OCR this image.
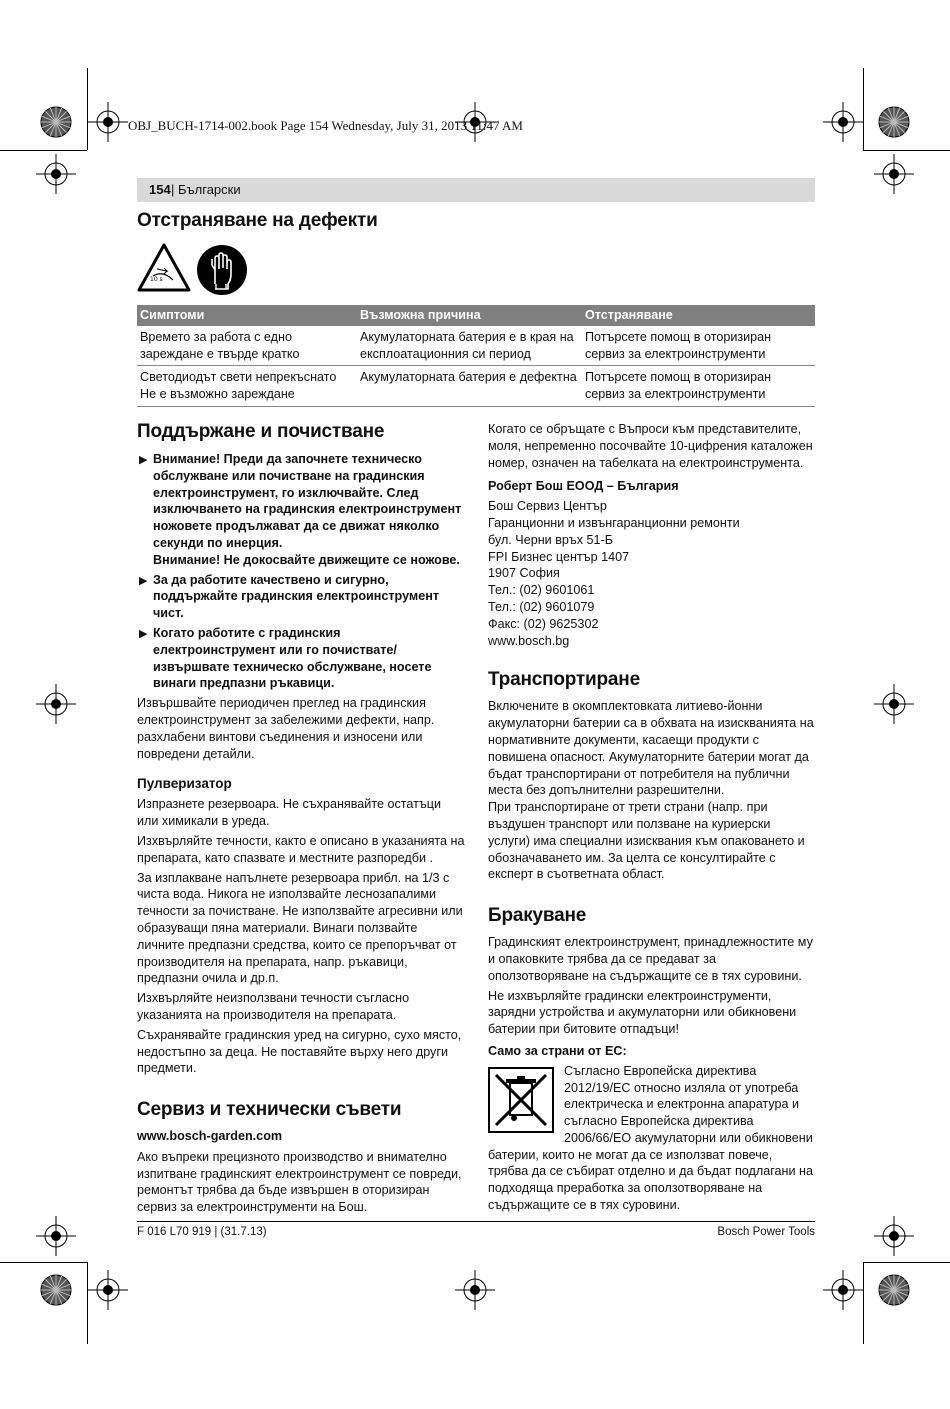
OBJ_BUCH-1714-002.book Page 154 Wednesday, July 31, 2013 11:47 AM
154 | Български
Отстраняване на дефекти
10 s
Симптоми	Възможна причина	Отстраняване
Времето за работа с едно зареждане е твърде кратко	Акумулаторната батерия е в края на експлоатационния си период	Потърсете помощ в оторизиран сервиз за електроинструменти

Светодиодът свети непрекъснато
Не е възможно зареждане	Акумулаторната батерия е дефектна	Потърсете помощ в оторизиран сервиз за електроинструменти
Поддържане и почистване
▶ Внимание! Преди да започнете техническо обслужване или почистване на градинския електроинструмент, го изключвайте. След изключването на градинския електроинструмент ножовете продължават да се движат няколко секунди по инерция.
Внимание! Не докосвайте движещите се ножове.
▶ За да работите качествено и сигурно, поддържайте градинския електроинструмент чист.
▶ Когато работите с градинския електроинструмент или го почиствате/извършвате техническо обслужване, носете винаги предпазни ръкавици.

Извършвайте периодичен преглед на градинския електроинструмент за забележими дефекти, напр. разхлабени винтови съединения и износени или повредени детайли.

Пулверизатор

Изпразнете резервоара. Не съхранявайте остатъци или химикали в уреда.

Изхвърляйте течности, както е описано в указанията на препарата, като спазвате и местните разпоредби .

За изплакване напълнете резервоара прибл. на 1/3 с чиста вода. Никога не използвайте леснозапалими течности за почистване. Не използвайте агресивни или образуващи пяна материали. Винаги ползвайте личните предпазни средства, които се препоръчват от производителя на препарата, напр. ръкавици, предпазни очила и др.п.

Изхвърляйте неизползвани течности съгласно указанията на производителя на препарата.

Съхранявайте градинския уред на сигурно, сухо място, недостъпно за деца. Не поставяйте върху него други предмети.

Сервиз и технически съвети

www.bosch-garden.com

Ако въпреки прецизното производство и внимателно изпитване градинският електроинструмент се повреди, ремонтът трябва да бъде извършен в оторизиран сервиз за електроинструменти на Бош.

Когато се обръщате с Въпроси към представителите, моля, непременно посочвайте 10-цифрения каталожен номер, означен на табелката на електроинструмента.

Роберт Бош ЕООД – България

Бош Сервиз Център

Гаранционни и извънгаранционни ремонти

бул. Черни връх 51-Б

FPI Бизнес център 1407

1907 София

Тел.: (02) 9601061

Тел.: (02) 9601079

Факс: (02) 9625302

www.bosch.bg

Транспортиране

Включените в окомплектовката литиево-йонни акумулаторни батерии са в обхвата на изискванията на нормативните документи, касаещи продукти с повишена опасност. Акумулаторните батерии могат да бъдат транспортирани от потребителя на публични места без допълнителни разрешителни.

При транспортиране от трети страни (напр. при въздушен транспорт или ползване на куриерски услуги) има специални изисквания към опаковането и обозначаването им. За целта се консултирайте с експерт в съответната област.

Бракуване

Градинският електроинструмент, принадлежностите му и опаковките трябва да се предават за оползотворяване на съдържащите се в тях суровини.

Не изхвърляйте градински електроинструменти, зарядни устройства и акумулаторни или обикновени батерии при битовите отпадъци!

Само за страни от ЕС:

Съгласно Европейска директива

2012/19/ЕС относно изляла от употреба

електрическа и електронна апаратура и

съгласно Европейска директива

2006/66/ЕО акумулаторни или обикновени

батерии, които не могат да се използват повече, трябва да се събират отделно и да бъдат подлагани на подходяща преработка за оползотворяване на съдържащите се в тях суровини.

F 016 L70 919 | (31.7.13)	Bosch Power Tools
